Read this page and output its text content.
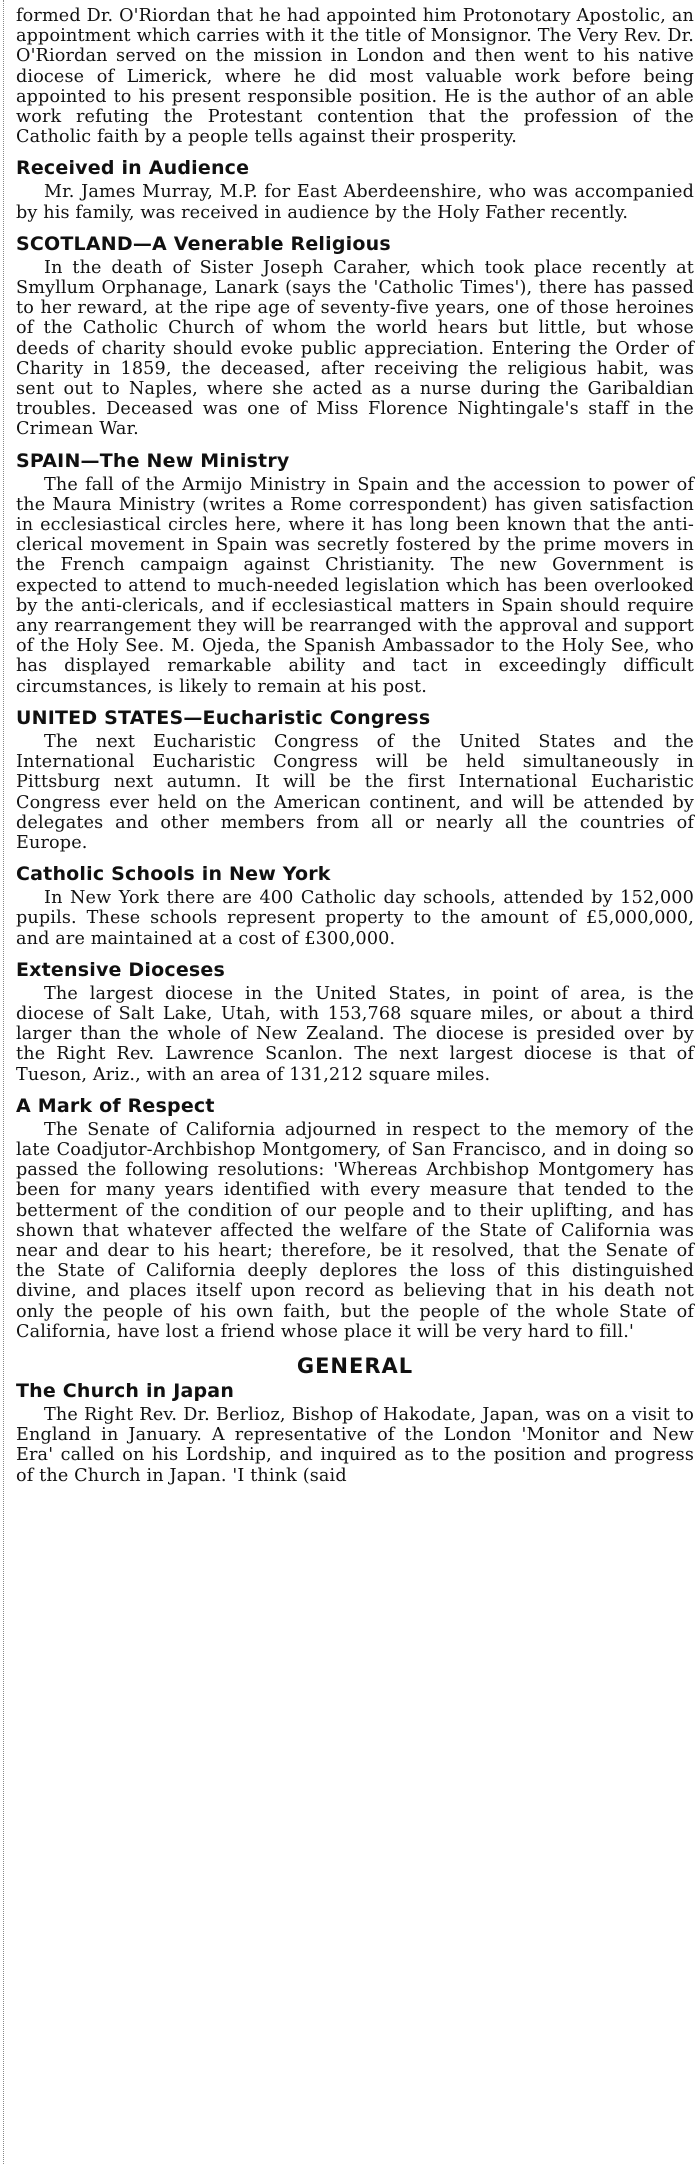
formed Dr. O'Riordan that he had appointed him Protonotary Apostolic, an appointment which carries with it the title of Monsignor. The Very Rev. Dr. O'Riordan served on the mission in London and then went to his native diocese of Limerick, where he did most valuable work before being appointed to his present responsible position. He is the author of an able work refuting the Protestant contention that the profession of the Catholic faith by a people tells against their prosperity.

Received in Audience

Mr. James Murray, M.P. for East Aberdeenshire, who was accompanied by his family, was received in audience by the Holy Father recently.

SCOTLAND—A Venerable Religious

In the death of Sister Joseph Caraher, which took place recently at Smyllum Orphanage, Lanark (says the 'Catholic Times'), there has passed to her reward, at the ripe age of seventy-five years, one of those heroines of the Catholic Church of whom the world hears but little, but whose deeds of charity should evoke public appreciation. Entering the Order of Charity in 1859, the deceased, after receiving the religious habit, was sent out to Naples, where she acted as a nurse during the Garibaldian troubles. Deceased was one of Miss Florence Nightingale's staff in the Crimean War.

SPAIN—The New Ministry

The fall of the Armijo Ministry in Spain and the accession to power of the Maura Ministry (writes a Rome correspondent) has given satisfaction in ecclesiastical circles here, where it has long been known that the anti-clerical movement in Spain was secretly fostered by the prime movers in the French campaign against Christianity. The new Government is expected to attend to much-needed legislation which has been overlooked by the anti-clericals, and if ecclesiastical matters in Spain should require any rearrangement they will be rearranged with the approval and support of the Holy See. M. Ojeda, the Spanish Ambassador to the Holy See, who has displayed remarkable ability and tact in exceedingly difficult circumstances, is likely to remain at his post.

UNITED STATES—Eucharistic Congress

The next Eucharistic Congress of the United States and the International Eucharistic Congress will be held simultaneously in Pittsburg next autumn. It will be the first International Eucharistic Congress ever held on the American continent, and will be attended by delegates and other members from all or nearly all the countries of Europe.

Catholic Schools in New York

In New York there are 400 Catholic day schools, attended by 152,000 pupils. These schools represent property to the amount of £5,000,000, and are maintained at a cost of £300,000.

Extensive Dioceses

The largest diocese in the United States, in point of area, is the diocese of Salt Lake, Utah, with 153,768 square miles, or about a third larger than the whole of New Zealand. The diocese is presided over by the Right Rev. Lawrence Scanlon. The next largest diocese is that of Tueson, Ariz., with an area of 131,212 square miles.

A Mark of Respect

The Senate of California adjourned in respect to the memory of the late Coadjutor-Archbishop Montgomery, of San Francisco, and in doing so passed the following resolutions: 'Whereas Archbishop Montgomery has been for many years identified with every measure that tended to the betterment of the condition of our people and to their uplifting, and has shown that whatever affected the welfare of the State of California was near and dear to his heart; therefore, be it resolved, that the Senate of the State of California deeply deplores the loss of this distinguished divine, and places itself upon record as believing that in his death not only the people of his own faith, but the people of the whole State of California, have lost a friend whose place it will be very hard to fill.'

GENERAL
The Church in Japan

The Right Rev. Dr. Berlioz, Bishop of Hakodate, Japan, was on a visit to England in January. A representative of the London 'Monitor and New Era' called on his Lordship, and inquired as to the position and progress of the Church in Japan. 'I think (said
